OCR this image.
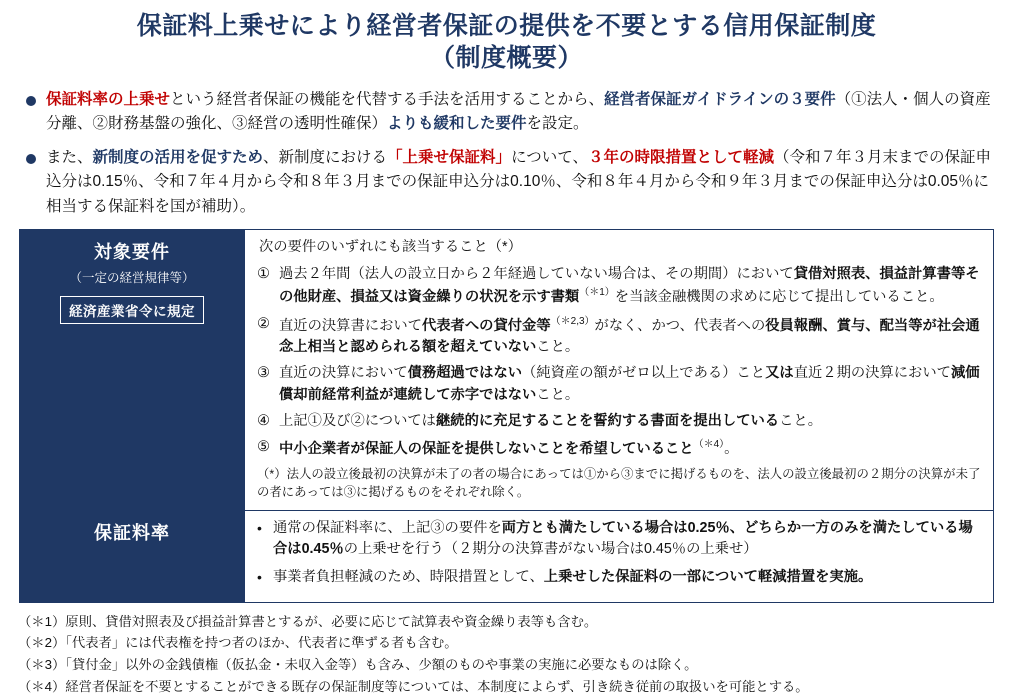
保証料上乗せにより経営者保証の提供を不要とする信用保証制度
（制度概要）
保証料率の上乗せという経営者保証の機能を代替する手法を活用することから、経営者保証ガイドラインの３要件（①法人・個人の資産分離、②財務基盤の強化、③経営の透明性確保）よりも緩和した要件を設定。
また、新制度の活用を促すため、新制度における「上乗せ保証料」について、３年の時限措置として軽減（令和７年３月末までの保証申込分は0.15％、令和７年４月から令和８年３月までの保証申込分は0.10％、令和８年４月から令和９年３月までの保証申込分は0.05％に相当する保証料を国が補助）。
対象要件
（一定の経営規律等）
経済産業省令に規定	
次の要件のいずれにも該当すること（*）
① 過去２年間（法人の設立日から２年経過していない場合は、その期間）において貸借対照表、損益計算書等その他財産、損益又は資金繰りの状況を示す書類$^{(*1)}$を当該金融機関の求めに応じて提出していること。
② 直近の決算書において代表者への貸付金等$^{(*2,3)}$がなく、かつ、代表者への役員報酬、賞与、配当等が社会通念上相当と認められる額を超えていないこと。
③ 直近の決算において債務超過ではない（純資産の額がゼロ以上である）こと又は直近２期の決算において減価償却前経常利益が連続して赤字ではないこと。
④ 上記①及び②については継続的に充足することを誓約する書面を提出していること。
⑤ 中小企業者が保証人の保証を提供しないことを希望していること$^{(*4)}$。
（*）法人の設立後最初の決算が未了の者の場合にあっては①から③までに掲げるものを、法人の設立後最初の２期分の決算が未了の者にあっては③に掲げるものをそれぞれ除く。

保証料率	• 通常の保証料率に、上記③の要件を両方とも満たしている場合は0.25％、どちらか一方のみを満たしている場合は0.45％の上乗せを行う（２期分の決算書がない場合は0.45％の上乗せ）
• 事業者負担軽減のため、時限措置として、上乗せした保証料の一部について軽減措置を実施。
（＊1）原則、貸借対照表及び損益計算書とするが、必要に応じて試算表や資金繰り表等も含む。
（＊2）「代表者」には代表権を持つ者のほか、代表者に準ずる者も含む。
（＊3）「貸付金」以外の金銭債権（仮払金・未収入金等）も含み、少額のものや事業の実施に必要なものは除く。
（＊4）経営者保証を不要とすることができる既存の保証制度等については、本制度によらず、引き続き従前の取扱いを可能とする。
